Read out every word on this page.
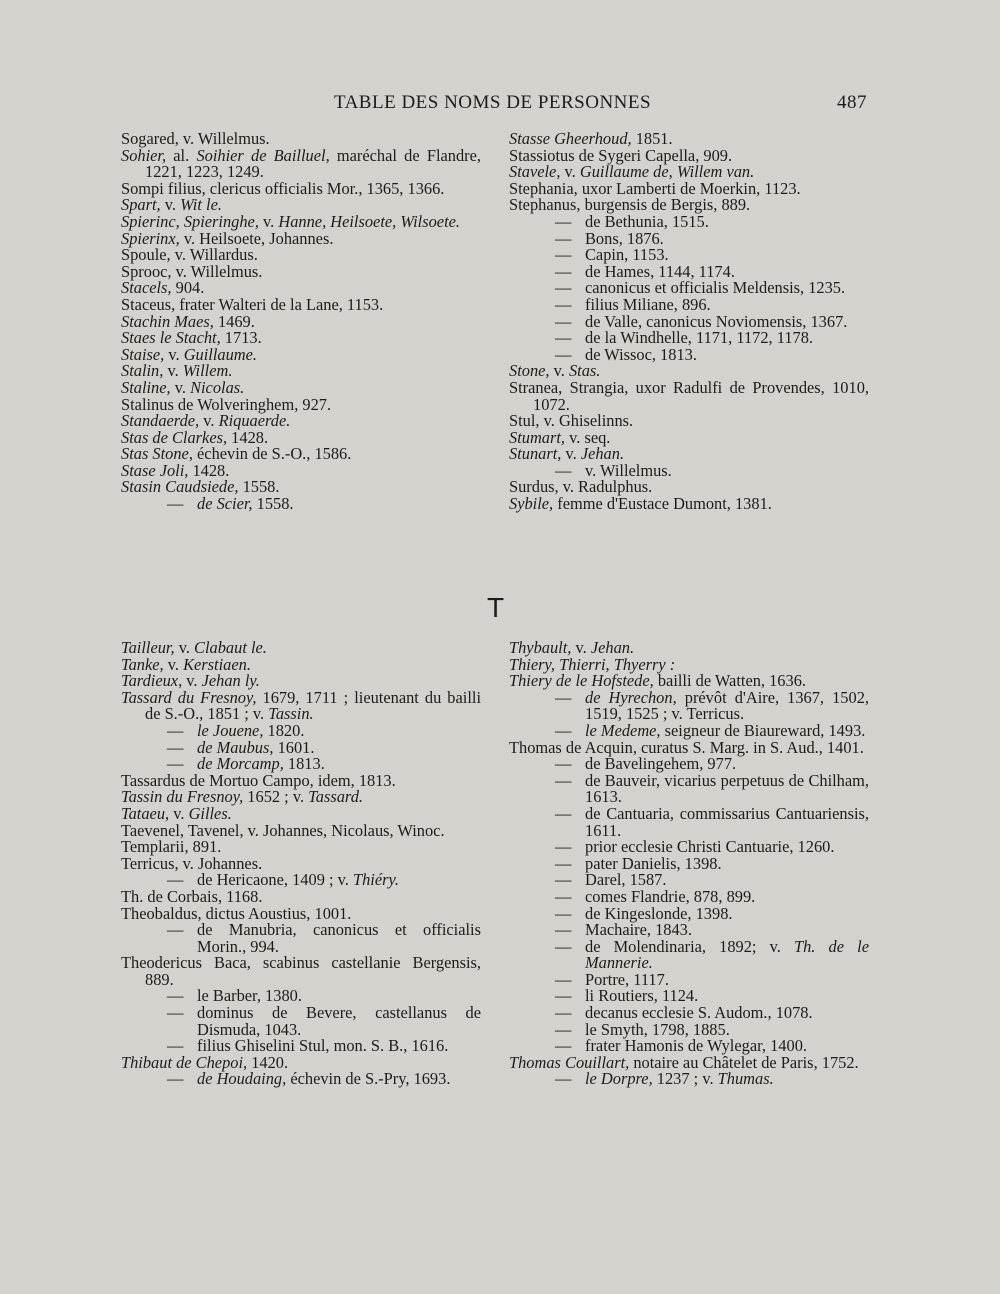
TABLE DES NOMS DE PERSONNES	487

Sogared, v. Willelmus.

Sohier, al. Soihier de Bailluel, maréchal de Flandre, 1221, 1223, 1249.

Sompi filius, clericus officialis Mor., 1365, 1366.

Spart, v. Wit le.

Spierinc, Spieringhe, v. Hanne, Heilsoete, Wilsoete.

Spierinx, v. Heilsoete, Johannes.

Spoule, v. Willardus.

Sprooc, v. Willelmus.

Stacels, 904.

Staceus, frater Walteri de la Lane, 1153.

Stachin Maes, 1469.

Staes le Stacht, 1713.

Staise, v. Guillaume.

Stalin, v. Willem.

Staline, v. Nicolas.

Stalinus de Wolveringhem, 927.

Standaerde, v. Riquaerde.

Stas de Clarkes, 1428.

Stas Stone, échevin de S.-O., 1586.

Stase Joli, 1428.

Stasin Caudsiede, 1558.

— de Scier, 1558.

Stasse Gheerhoud, 1851.

Stassiotus de Sygeri Capella, 909.

Stavele, v. Guillaume de, Willem van.

Stephania, uxor Lamberti de Moerkin, 1123.

Stephanus, burgensis de Bergis, 889.

— de Bethunia, 1515.

— Bons, 1876.

— Capin, 1153.

— de Hames, 1144, 1174.

— canonicus et officialis Meldensis, 1235.

— filius Miliane, 896.

— de Valle, canonicus Noviomensis, 1367.

— de la Windhelle, 1171, 1172, 1178.

— de Wissoc, 1813.

Stone, v. Stas.

Stranea, Strangia, uxor Radulfi de Provendes, 1010, 1072.

Stul, v. Ghiselinns.

Stumart, v. seq.

Stunart, v. Jehan.

— v. Willelmus.

Surdus, v. Radulphus.

Sybile, femme d'Eustace Dumont, 1381.

T

Tailleur, v. Clabaut le.

Tanke, v. Kerstiaen.

Tardieux, v. Jehan ly.

Tassard du Fresnoy, 1679, 1711 ; lieutenant du bailli de S.-O., 1851 ; v. Tassin.

— le Jouene, 1820.

— de Maubus, 1601.

— de Morcamp, 1813.

Tassardus de Mortuo Campo, idem, 1813.

Tassin du Fresnoy, 1652 ; v. Tassard.

Tataeu, v. Gilles.

Taevenel, Tavenel, v. Johannes, Nicolaus, Winoc.

Templarii, 891.

Terricus, v. Johannes.

— de Hericaone, 1409 ; v. Thiéry.

Th. de Corbais, 1168.

Theobaldus, dictus Aoustius, 1001.

— de Manubria, canonicus et officialis Morin., 994.

Theodericus Baca, scabinus castellanie Bergensis, 889.

— le Barber, 1380.

— dominus de Bevere, castellanus de Dismuda, 1043.

— filius Ghiselini Stul, mon. S. B., 1616.

Thibaut de Chepoi, 1420.

— de Houdaing, échevin de S.-Pry, 1693.

Thybault, v. Jehan.

Thiery, Thierri, Thyerry :

Thiery de le Hofstede, bailli de Watten, 1636.

— de Hyrechon, prévôt d'Aire, 1367, 1502, 1519, 1525 ; v. Terricus.

— le Medeme, seigneur de Biaureward, 1493.

Thomas de Acquin, curatus S. Marg. in S. Aud., 1401.

— de Bavelingehem, 977.

— de Bauveir, vicarius perpetuus de Chilham, 1613.

— de Cantuaria, commissarius Cantuariensis, 1611.

— prior ecclesie Christi Cantuarie, 1260.

— pater Danielis, 1398.

— Darel, 1587.

— comes Flandrie, 878, 899.

— de Kingeslonde, 1398.

— Machaire, 1843.

— de Molendinaria, 1892; v. Th. de le Mannerie.

— Portre, 1117.

— li Routiers, 1124.

— decanus ecclesie S. Audom., 1078.

— le Smyth, 1798, 1885.

— frater Hamonis de Wylegar, 1400.

Thomas Couillart, notaire au Châtelet de Paris, 1752.

— le Dorpre, 1237 ; v. Thumas.
